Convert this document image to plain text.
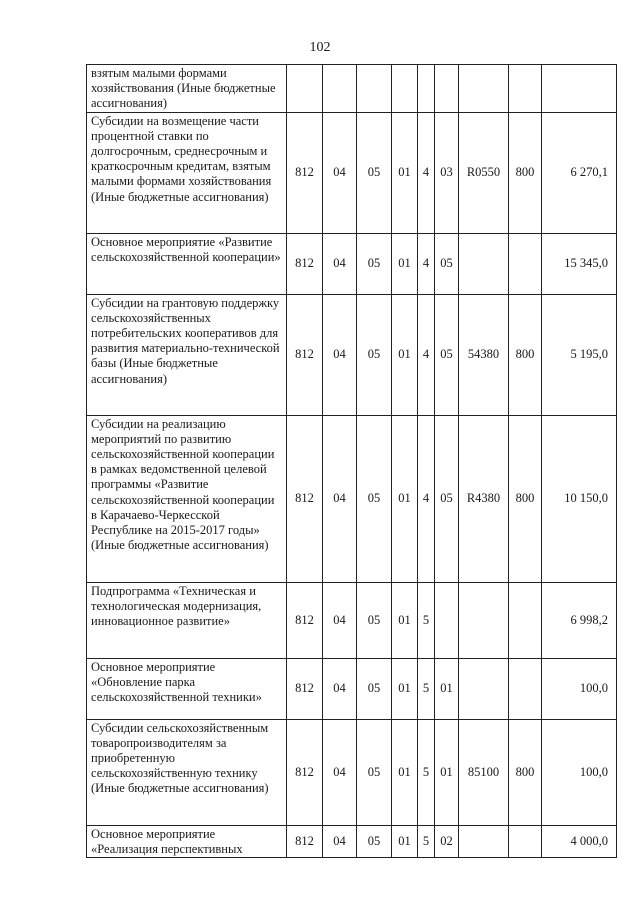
102
взятым малыми формами хозяйствования (Иные бюджетные ассигнования)									
Субсидии на возмещение части процентной ставки по долгосрочным, среднесрочным и краткосрочным кредитам, взятым малыми формами хозяйствования (Иные бюджетные ассигнования)	812	04	05	01	4	03	R0550	800	6 270,1
Основное мероприятие «Развитие сельскохозяйственной кооперации»	812	04	05	01	4	05			15 345,0
Субсидии на грантовую поддержку сельскохозяйственных потребительских кооперативов для развития материально-технической базы (Иные бюджетные ассигнования)	812	04	05	01	4	05	54380	800	5 195,0
Субсидии на реализацию мероприятий по развитию сельскохозяйственной кооперации в рамках ведомственной целевой программы «Развитие сельскохозяйственной кооперации в Карачаево-Черкесской Республике на 2015-2017 годы» (Иные бюджетные ассигнования)	812	04	05	01	4	05	R4380	800	10 150,0
Подпрограмма «Техническая и технологическая модернизация, инновационное развитие»	812	04	05	01	5				6 998,2
Основное мероприятие «Обновление парка сельскохозяйственной техники»	812	04	05	01	5	01			100,0
Субсидии сельскохозяйственным товаропроизводителям за приобретенную сельскохозяйственную технику (Иные бюджетные ассигнования)	812	04	05	01	5	01	85100	800	100,0
Основное мероприятие «Реализация перспективных	812	04	05	01	5	02			4 000,0
